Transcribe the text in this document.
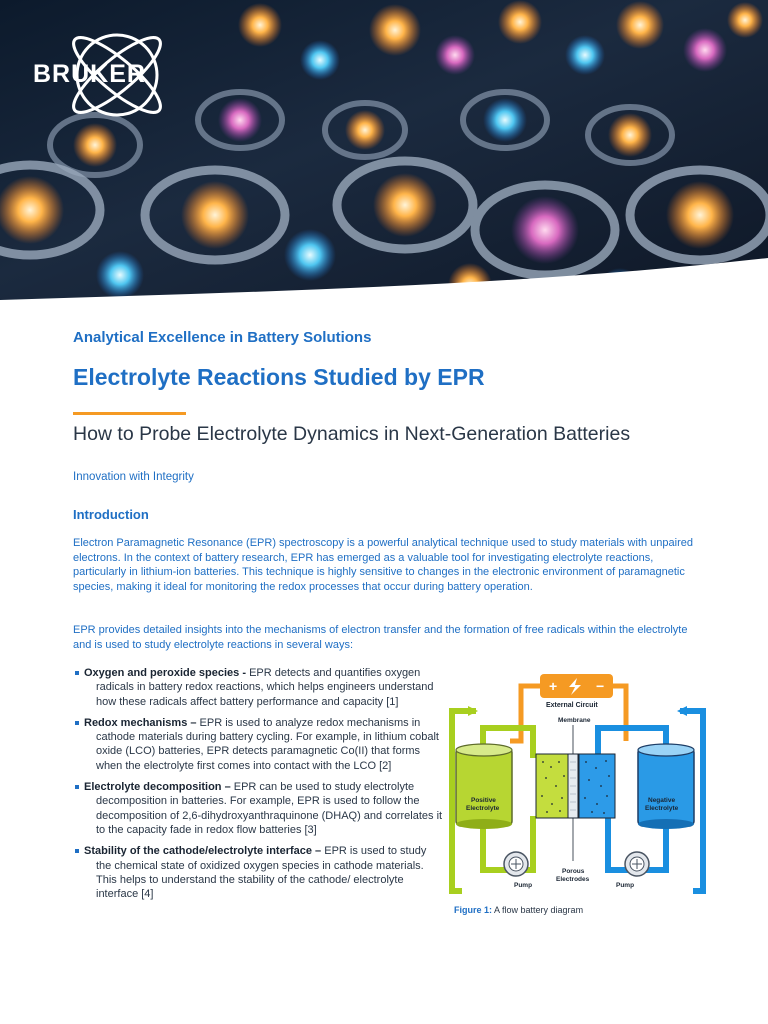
BRUKER
Analytical Excellence in Battery Solutions
Electrolyte Reactions Studied by EPR
How to Probe Electrolyte Dynamics in Next-Generation Batteries
Innovation with Integrity
Introduction
Electron Paramagnetic Resonance (EPR) spectroscopy is a powerful analytical technique used to study materials with unpaired electrons. In the context of battery research, EPR has emerged as a valuable tool for investigating electrolyte reactions, particularly in lithium-ion batteries. This technique is highly sensitive to changes in the electronic environment of paramagnetic species, making it ideal for monitoring the redox processes that occur during battery operation.
EPR provides detailed insights into the mechanisms of electron transfer and the formation of free radicals within the electrolyte and is used to study electrolyte reactions in several ways:
Oxygen and peroxide species - EPR detects and quantifies oxygen radicals in battery redox reactions, which helps engineers understand how these radicals affect battery performance and capacity [1]
Redox mechanisms – EPR is used to analyze redox mechanisms in cathode materials during battery cycling. For example, in lithium cobalt oxide (LCO) batteries, EPR detects paramagnetic Co(II) that forms when the electrolyte first comes into contact with the LCO [2]
Electrolyte decomposition – EPR can be used to study electrolyte decomposition in batteries. For example, EPR is used to follow the decomposition of 2,6-dihydroxyanthraquinone (DHAQ) and correlates it to the capacity fade in redox flow batteries [3]
Stability of the cathode/electrolyte interface – EPR is used to study the chemical state of oxidized oxygen species in cathode materials. This helps to understand the stability of the cathode/ electrolyte interface [4]
+	−
External Circuit
Membrane
Positive
Electrolyte
Negative
Electrolyte
Porous
Electrodes
Pump	Pump
Figure 1: A flow battery diagram
